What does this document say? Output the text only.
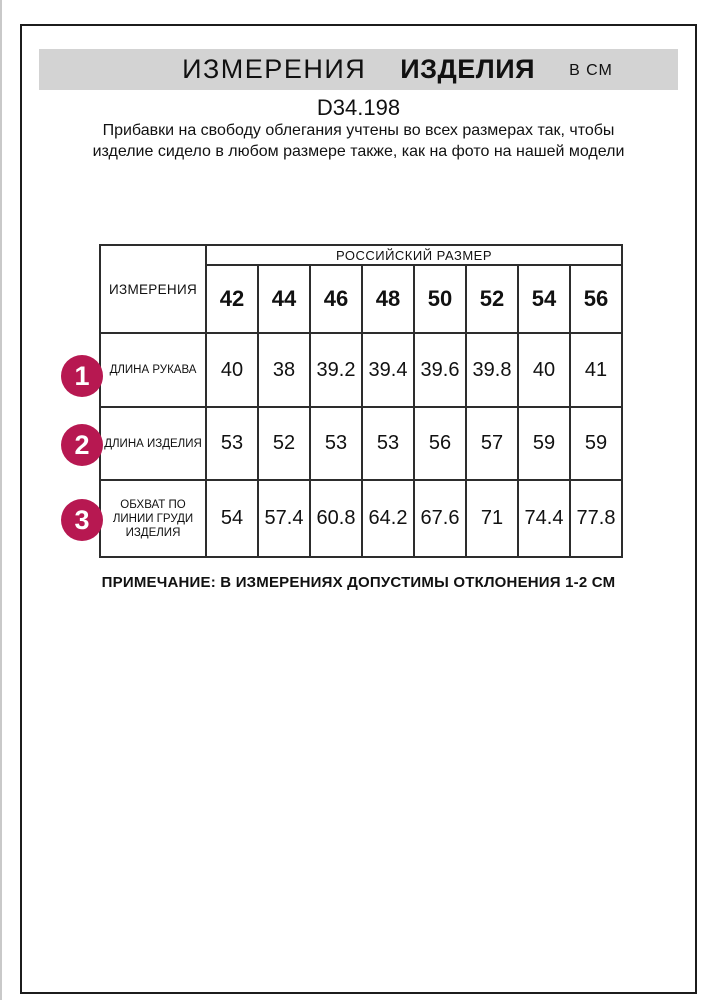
ИЗМЕРЕНИЯ ИЗДЕЛИЯ В СМ
D34.198

Прибавки на свободу облегания учтены во всех размерах так, чтобы изделие сидело в любом размере также, как на фото на нашей модели

ИЗМЕРЕНИЯ	РОССИЙСКИЙ РАЗМЕР							
	42	44	46	48	50	52	54	56
ДЛИНА РУКАВА	40	38	39.2	39.4	39.6	39.8	40	41
ДЛИНА ИЗДЕЛИЯ	53	52	53	53	56	57	59	59
ОБХВАТ ПО ЛИНИИ ГРУДИ ИЗДЕЛИЯ	54	57.4	60.8	64.2	67.6	71	74.4	77.8
1
2
3
ПРИМЕЧАНИЕ: В ИЗМЕРЕНИЯХ ДОПУСТИМЫ ОТКЛОНЕНИЯ 1-2 СМ
